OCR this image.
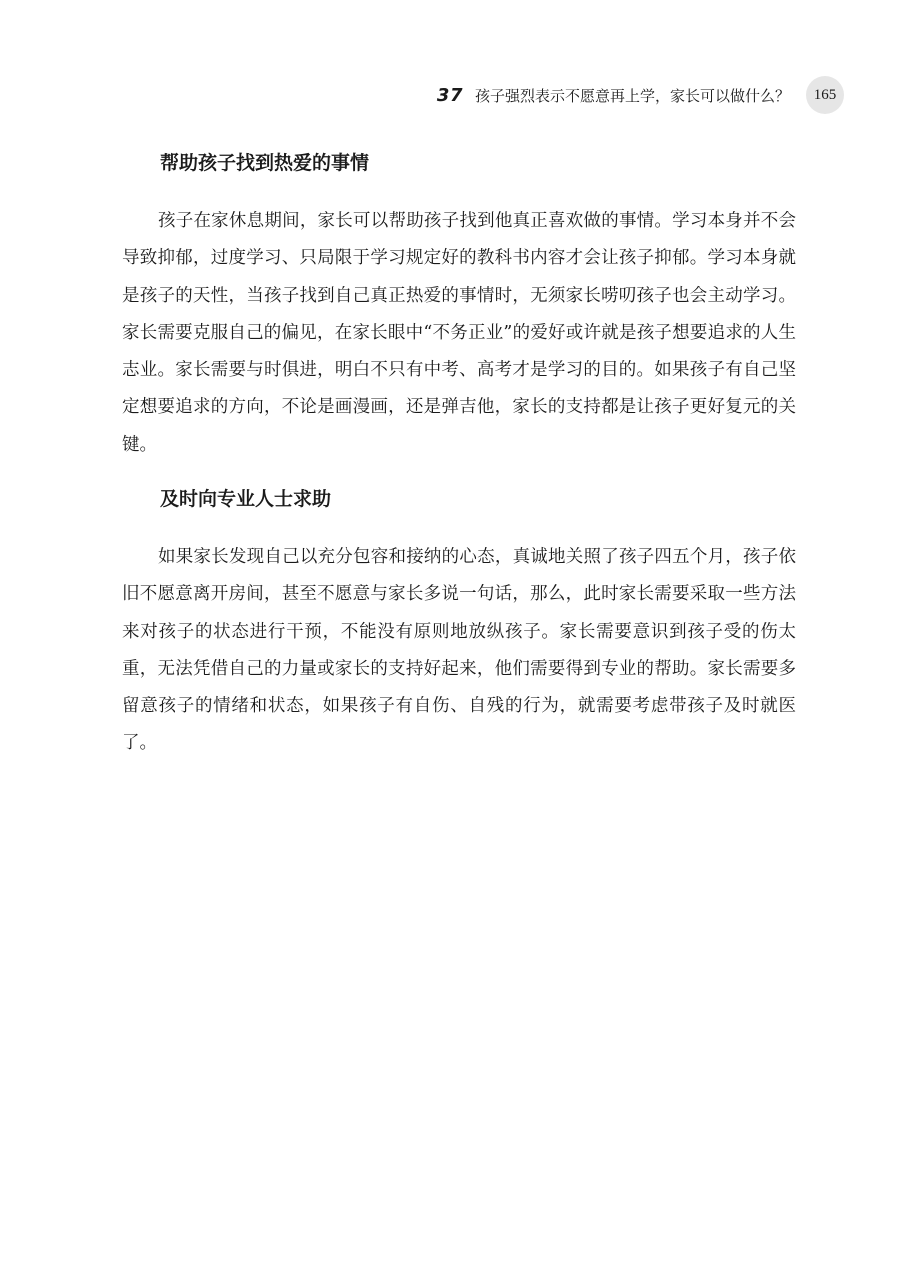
37 孩子强烈表示不愿意再上学，家长可以做什么？	165
帮助孩子找到热爱的事情

孩子在家休息期间，家长可以帮助孩子找到他真正喜欢做的事情。学习本身并不会导致抑郁，过度学习、只局限于学习规定好的教科书内容才会让孩子抑郁。学习本身就是孩子的天性，当孩子找到自己真正热爱的事情时，无须家长唠叨孩子也会主动学习。家长需要克服自己的偏见，在家长眼中“不务正业”的爱好或许就是孩子想要追求的人生志业。家长需要与时俱进，明白不只有中考、高考才是学习的目的。如果孩子有自己坚定想要追求的方向，不论是画漫画，还是弹吉他，家长的支持都是让孩子更好复元的关键。

及时向专业人士求助

如果家长发现自己以充分包容和接纳的心态，真诚地关照了孩子四五个月，孩子依旧不愿意离开房间，甚至不愿意与家长多说一句话，那么，此时家长需要采取一些方法来对孩子的状态进行干预，不能没有原则地放纵孩子。家长需要意识到孩子受的伤太重，无法凭借自己的力量或家长的支持好起来，他们需要得到专业的帮助。家长需要多留意孩子的情绪和状态，如果孩子有自伤、自残的行为，就需要考虑带孩子及时就医了。
